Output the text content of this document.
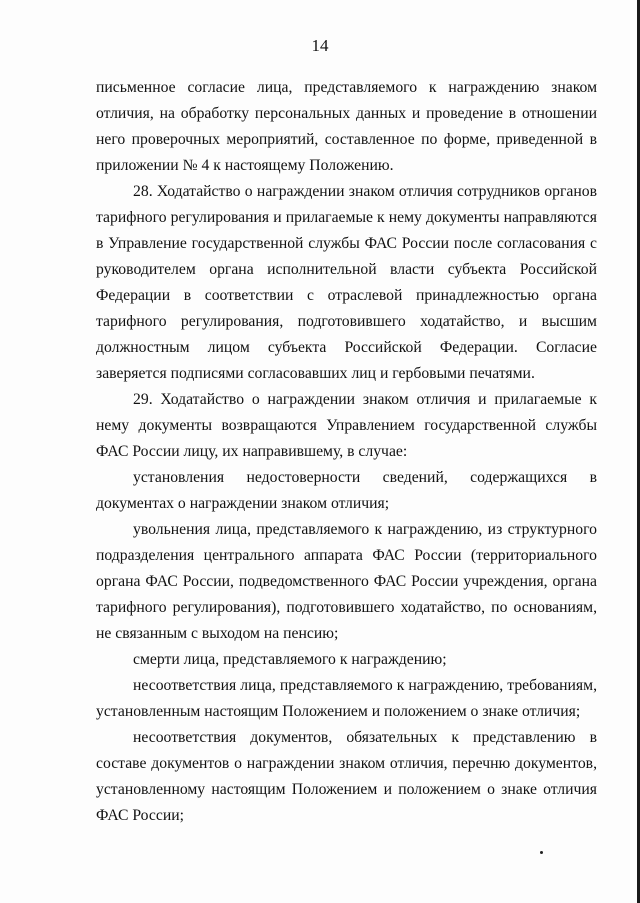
14

письменное согласие лица, представляемого к награждению знаком отличия, на обработку персональных данных и проведение в отношении него проверочных мероприятий, составленное по форме, приведенной в приложении № 4 к настоящему Положению.

28. Ходатайство о награждении знаком отличия сотрудников органов тарифного регулирования и прилагаемые к нему документы направляются в Управление государственной службы ФАС России после согласования с руководителем органа исполнительной власти субъекта Российской Федерации в соответствии с отраслевой принадлежностью органа тарифного регулирования, подготовившего ходатайство, и высшим должностным лицом субъекта Российской Федерации. Согласие заверяется подписями согласовавших лиц и гербовыми печатями.

29. Ходатайство о награждении знаком отличия и прилагаемые к нему документы возвращаются Управлением государственной службы ФАС России лицу, их направившему, в случае:

установления недостоверности сведений, содержащихся в документах о награждении знаком отличия;

увольнения лица, представляемого к награждению, из структурного подразделения центрального аппарата ФАС России (территориального органа ФАС России, подведомственного ФАС России учреждения, органа тарифного регулирования), подготовившего ходатайство, по основаниям, не связанным с выходом на пенсию;

смерти лица, представляемого к награждению;

несоответствия лица, представляемого к награждению, требованиям, установленным настоящим Положением и положением о знаке отличия;

несоответствия документов, обязательных к представлению в составе документов о награждении знаком отличия, перечню документов, установленному настоящим Положением и положением о знаке отличия ФАС России;
